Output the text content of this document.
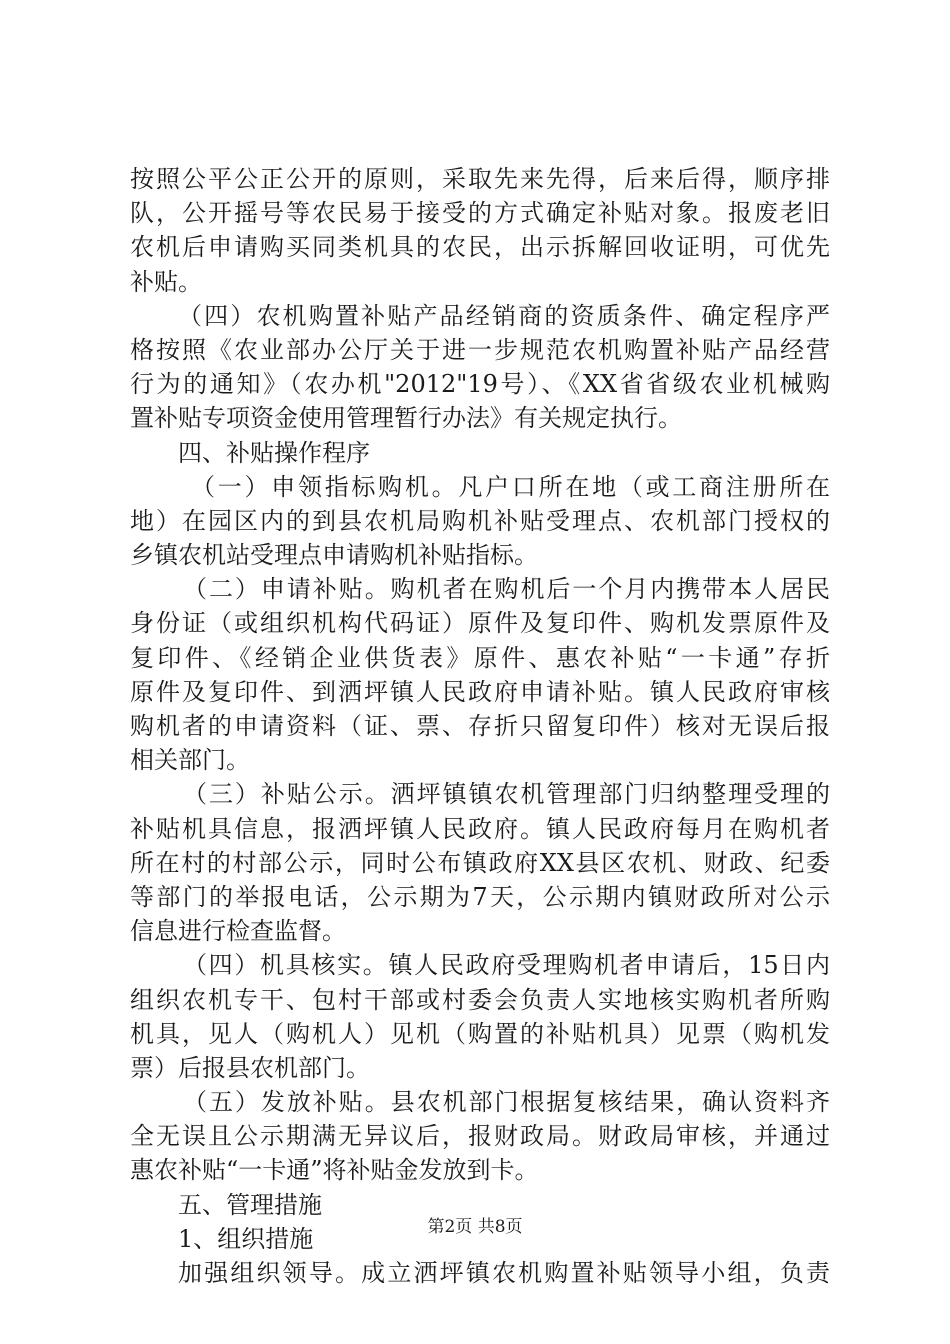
按照公平公正公开的原则，采取先来先得，后来后得，顺序排
队，公开摇号等农民易于接受的方式确定补贴对象。报废老旧
农机后申请购买同类机具的农民，出示拆解回收证明，可优先
补贴。
（四）农机购置补贴产品经销商的资质条件、确定程序严
格按照《农业部办公厅关于进一步规范农机购置补贴产品经营
行为的通知》（农办机"2012"19号）、《XX省省级农业机械购
置补贴专项资金使用管理暂行办法》有关规定执行。
四、补贴操作程序
（一）申领指标购机。凡户口所在地（或工商注册所在
地）在园区内的到县农机局购机补贴受理点、农机部门授权的
乡镇农机站受理点申请购机补贴指标。
（二）申请补贴。购机者在购机后一个月内携带本人居民
身份证（或组织机构代码证）原件及复印件、购机发票原件及
复印件、《经销企业供货表》原件、惠农补贴“一卡通”存折
原件及复印件、到洒坪镇人民政府申请补贴。镇人民政府审核
购机者的申请资料（证、票、存折只留复印件）核对无误后报
相关部门。
（三）补贴公示。洒坪镇镇农机管理部门归纳整理受理的
补贴机具信息，报洒坪镇人民政府。镇人民政府每月在购机者
所在村的村部公示，同时公布镇政府XX县区农机、财政、纪委
等部门的举报电话，公示期为7天，公示期内镇财政所对公示
信息进行检查监督。
（四）机具核实。镇人民政府受理购机者申请后，15日内
组织农机专干、包村干部或村委会负责人实地核实购机者所购
机具，见人（购机人）见机（购置的补贴机具）见票（购机发
票）后报县农机部门。
（五）发放补贴。县农机部门根据复核结果，确认资料齐
全无误且公示期满无异议后，报财政局。财政局审核，并通过
惠农补贴“一卡通”将补贴金发放到卡。
五、管理措施
1、组织措施
加强组织领导。成立洒坪镇农机购置补贴领导小组，负责
第2页 共8页
